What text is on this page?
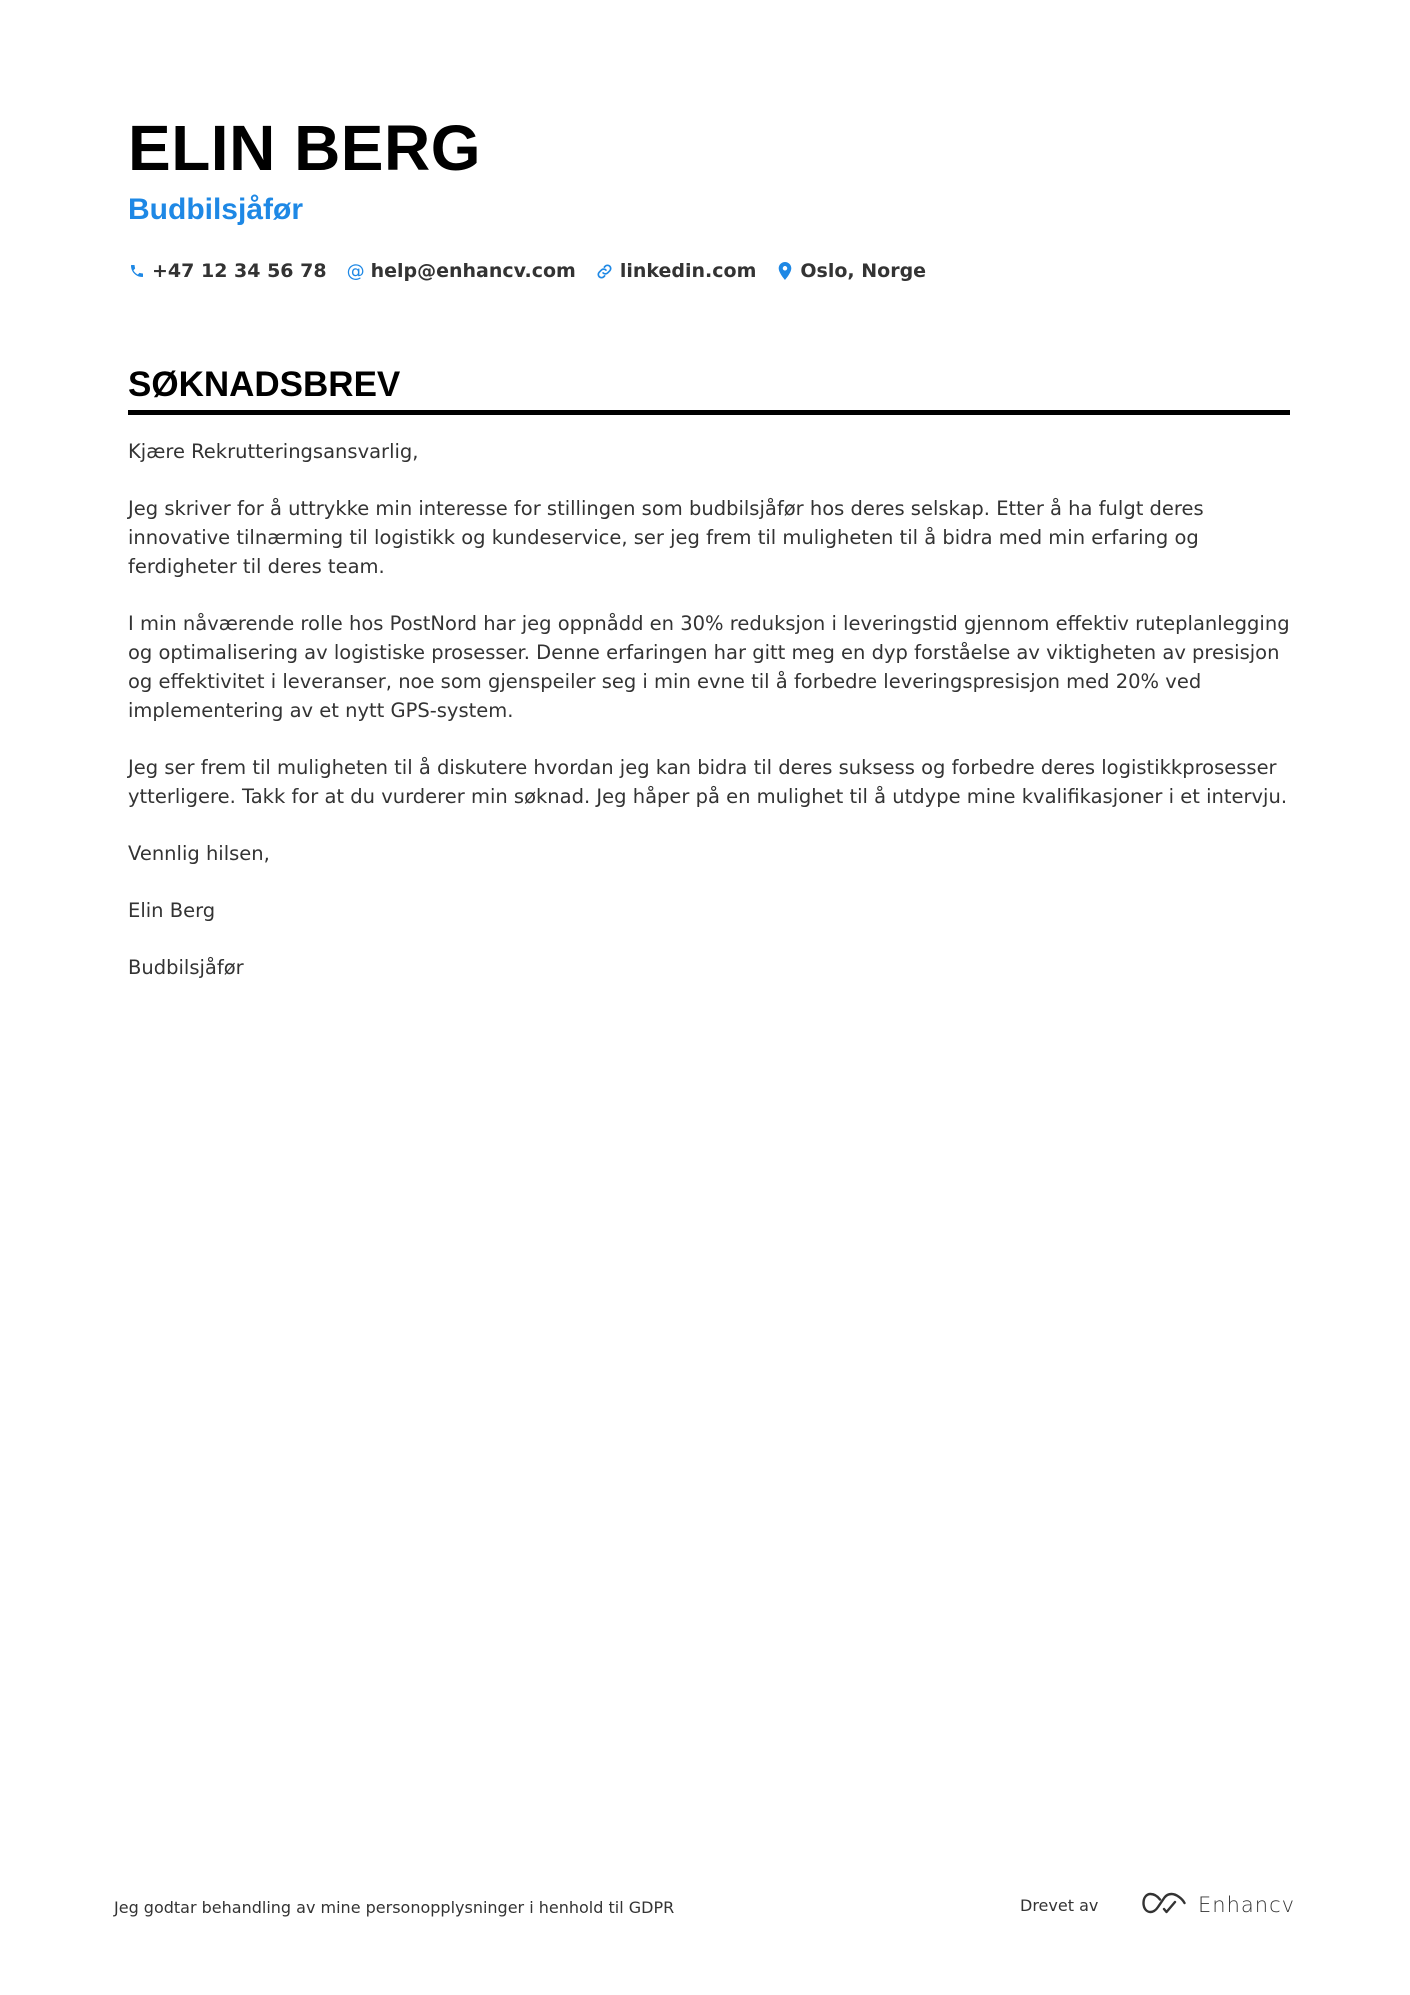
ELIN BERG
Budbilsjåfør
+47 12 34 56 78 @ help@enhancv.com linkedin.com Oslo, Norge
SØKNADSBREV

Kjære Rekrutteringsansvarlig,

Jeg skriver for å uttrykke min interesse for stillingen som budbilsjåfør hos deres selskap. Etter å ha fulgt deres innovative tilnærming til logistikk og kundeservice, ser jeg frem til muligheten til å bidra med min erfaring og ferdigheter til deres team.

I min nåværende rolle hos PostNord har jeg oppnådd en 30% reduksjon i leveringstid gjennom effektiv ruteplanlegging og optimalisering av logistiske prosesser. Denne erfaringen har gitt meg en dyp forståelse av viktigheten av presisjon og effektivitet i leveranser, noe som gjenspeiler seg i min evne til å forbedre leveringspresisjon med 20% ved implementering av et nytt GPS-system.

Jeg ser frem til muligheten til å diskutere hvordan jeg kan bidra til deres suksess og forbedre deres logistikkprosesser ytterligere. Takk for at du vurderer min søknad. Jeg håper på en mulighet til å utdype mine kvalifikasjoner i et intervju.

Vennlig hilsen,

Elin Berg

Budbilsjåfør

Jeg godtar behandling av mine personopplysninger i henhold til GDPR	Drevet av	Enhancv
